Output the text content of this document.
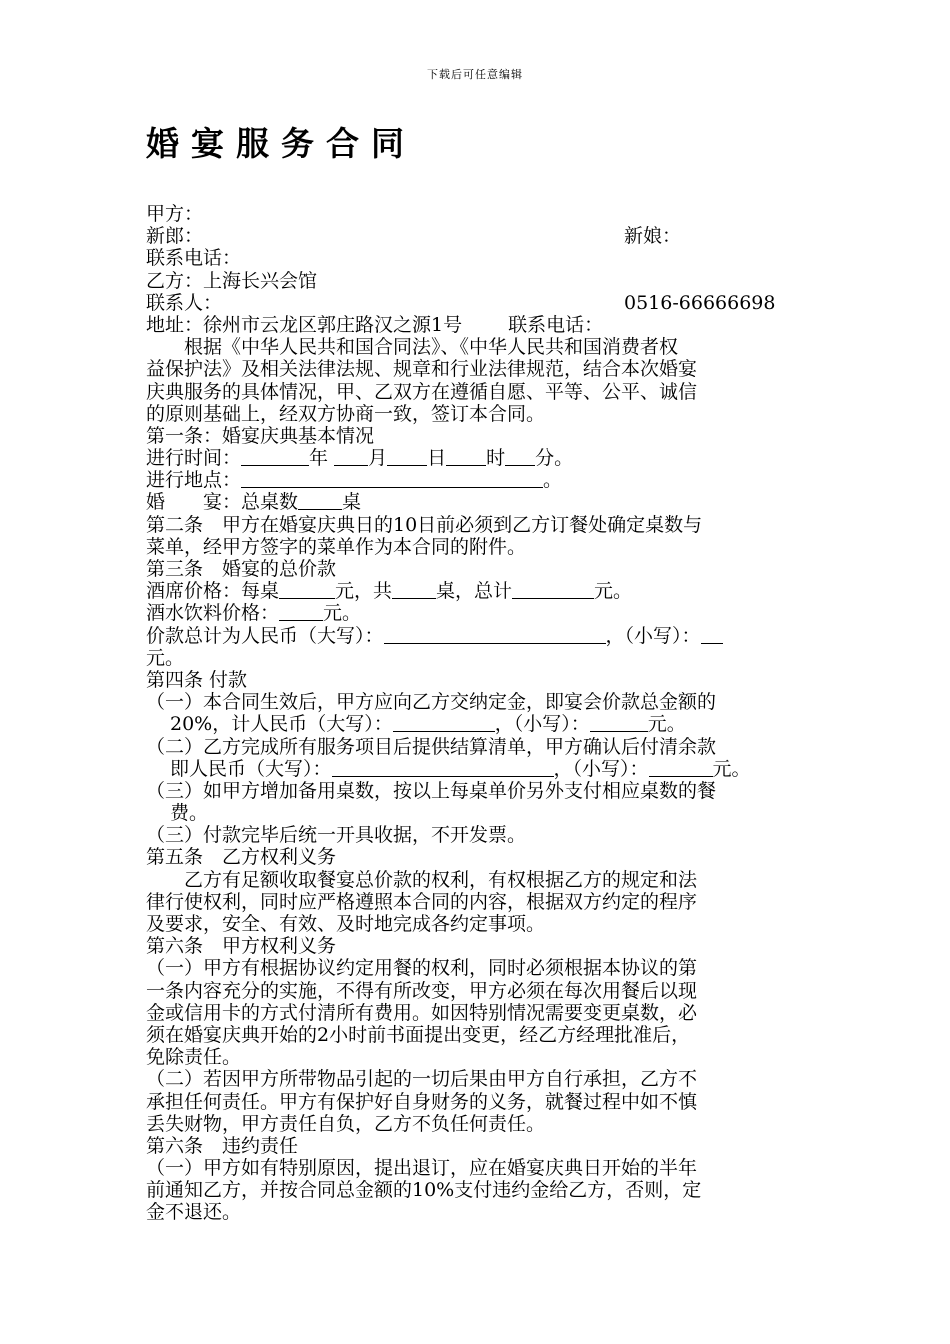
下载后可任意编辑
婚宴服务合同
甲方：
新郎：	新娘：
联系电话：
乙方：上海长兴会馆
联系人：	0516-66666698
地址：徐州市云龙区郭庄路汉之源1号 联系电话：
根据《中华人民共和国合同法》、《中华人民共和国消费者权
益保护法》及相关法律法规、规章和行业法律规范，结合本次婚宴
庆典服务的具体情况，甲、乙双方在遵循自愿、平等、公平、诚信
的原则基础上，经双方协商一致，签订本合同。
第一条：婚宴庆典基本情况
进行时间：	年 月 日 时 分。
进行地点：	。
婚　　宴：总桌数 桌
第二条　甲方在婚宴庆典日的10日前必须到乙方订餐处确定桌数与
菜单，经甲方签字的菜单作为本合同的附件。
第三条　婚宴的总价款
酒席价格：每桌	元，共 桌，总计	元。
酒水饮料价格： 元。
价款总计为人民币（大写）：	，（小写）：
元。
第四条 付款
（一）本合同生效后，甲方应向乙方交纳定金，即宴会价款总金额的
20%，计人民币（大写）：	，（小写）：	元。
（二）乙方完成所有服务项目后提供结算清单，甲方确认后付清余款
即人民币（大写）：	，（小写）：	元。
（三）如甲方增加备用桌数，按以上每桌单价另外支付相应桌数的餐
费。
（三）付款完毕后统一开具收据，不开发票。
第五条　乙方权利义务
乙方有足额收取餐宴总价款的权利，有权根据乙方的规定和法
律行使权利，同时应严格遵照本合同的内容，根据双方约定的程序
及要求，安全、有效、及时地完成各约定事项。
第六条　甲方权利义务
（一）甲方有根据协议约定用餐的权利，同时必须根据本协议的第
一条内容充分的实施，不得有所改变，甲方必须在每次用餐后以现
金或信用卡的方式付清所有费用。如因特别情况需要变更桌数，必
须在婚宴庆典开始的2小时前书面提出变更，经乙方经理批准后，
免除责任。
（二）若因甲方所带物品引起的一切后果由甲方自行承担，乙方不
承担任何责任。甲方有保护好自身财务的义务，就餐过程中如不慎
丢失财物，甲方责任自负，乙方不负任何责任。
第六条　违约责任
（一）甲方如有特别原因，提出退订，应在婚宴庆典日开始的半年
前通知乙方，并按合同总金额的10%支付违约金给乙方，否则，定
金不退还。
